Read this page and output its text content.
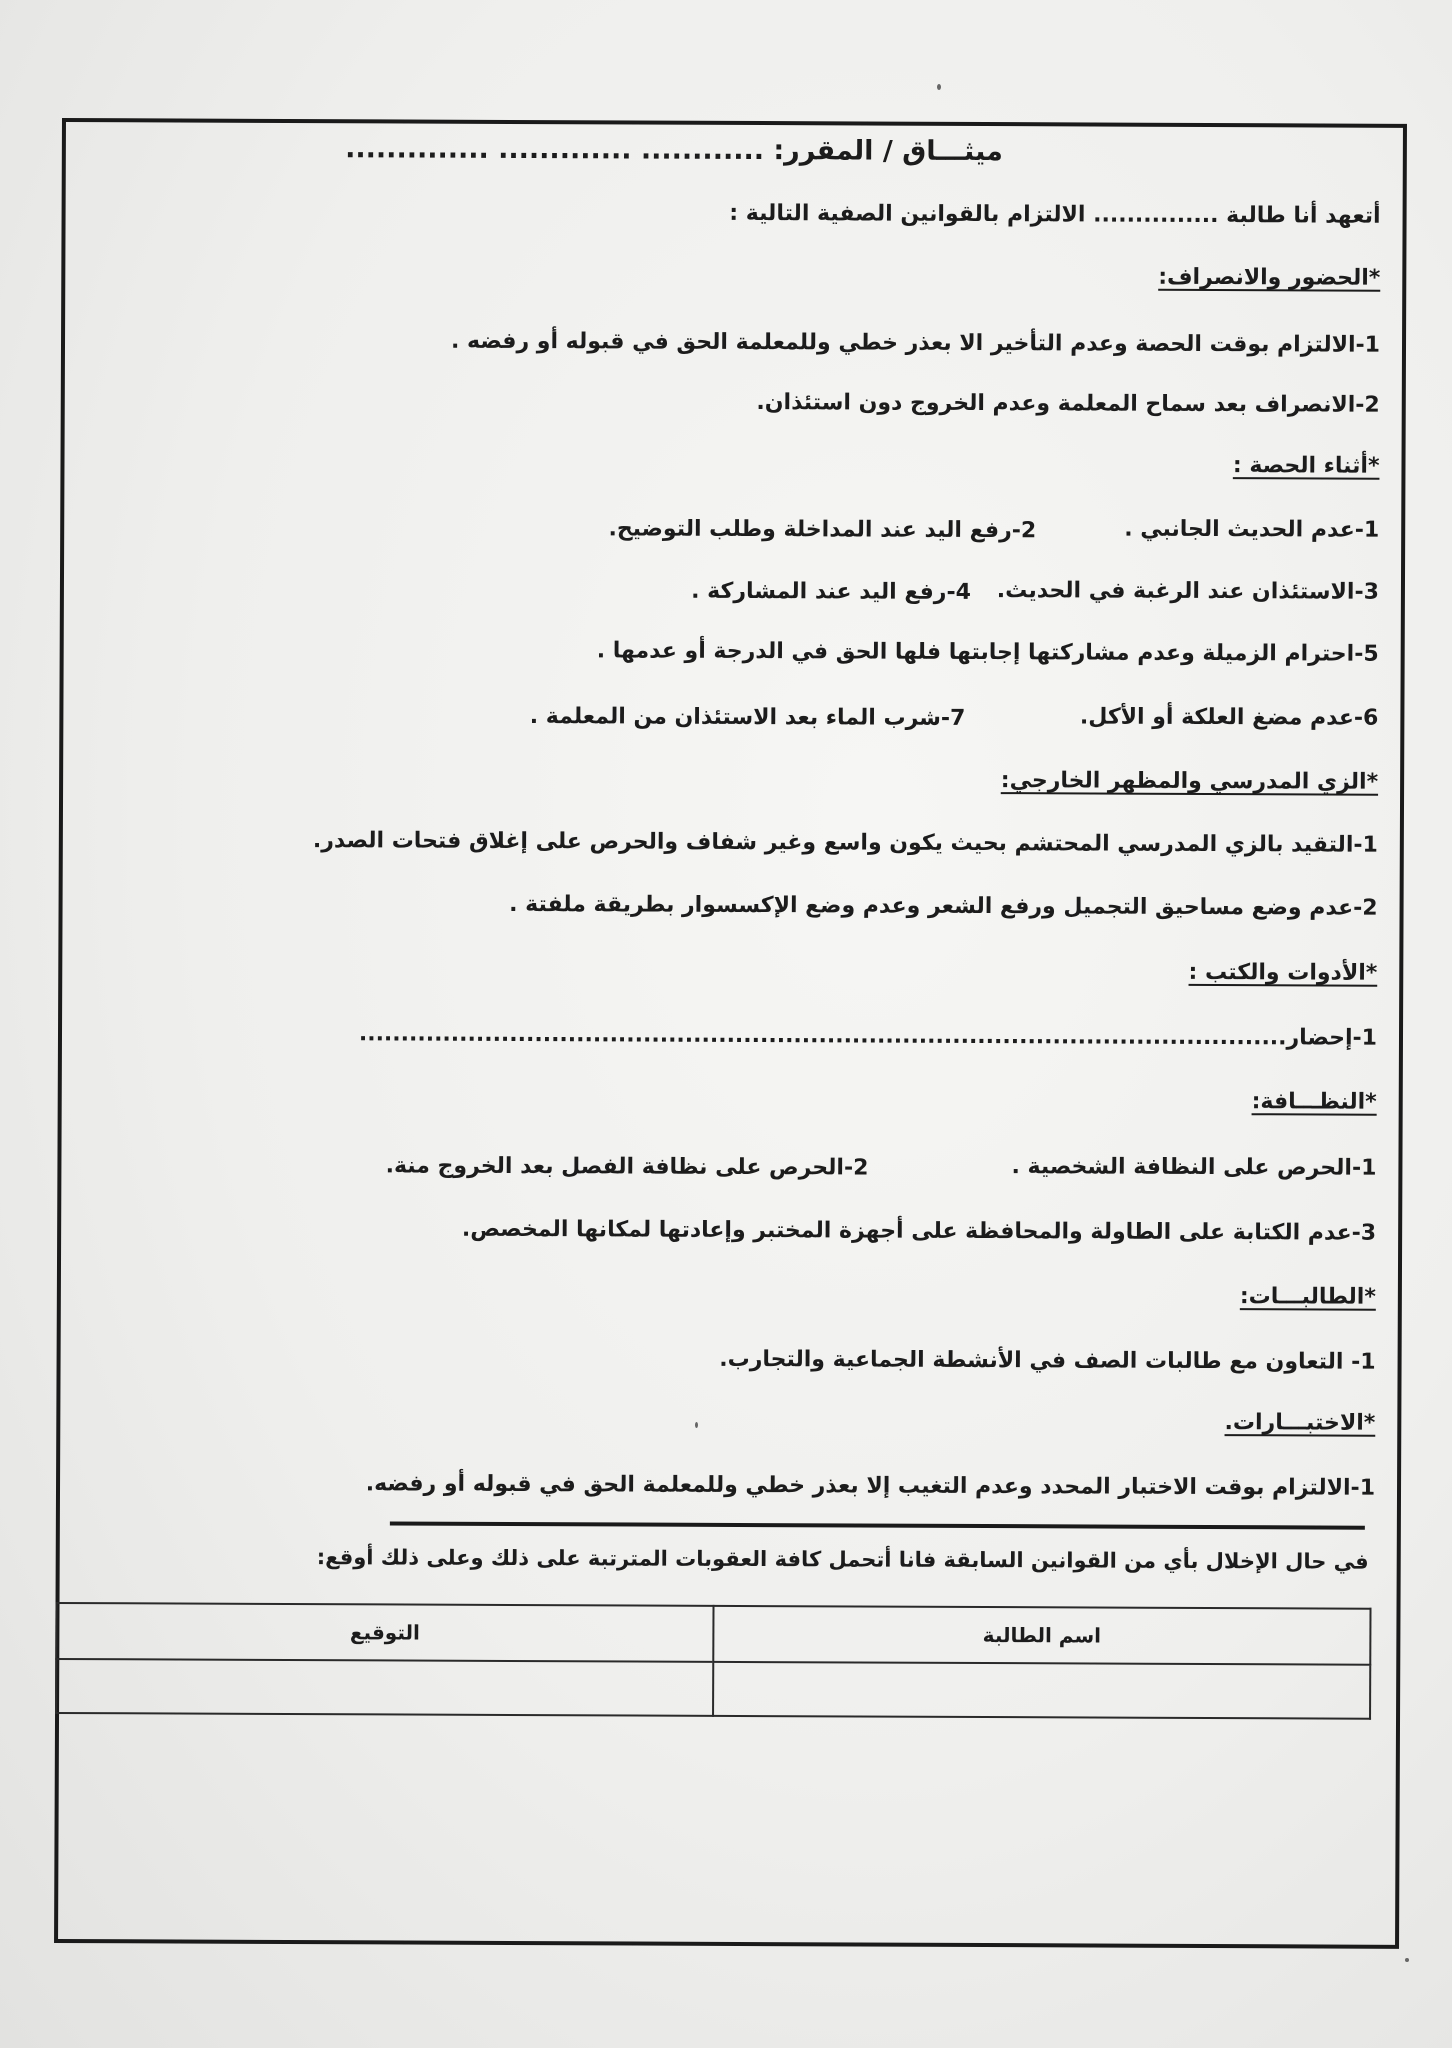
ميثـــاق / المقرر: ............ ............. ..............
أتعهد أنا طالبة ............... الالتزام بالقوانين الصفية التالية :
*الحضور والانصراف:
1-الالتزام بوقت الحصة وعدم التأخير الا بعذر خطي وللمعلمة الحق في قبوله أو رفضه .
2-الانصراف بعد سماح المعلمة وعدم الخروج دون استئذان.
*أثناء الحصة :
1-عدم الحديث الجانبي .
2-رفع اليد عند المداخلة وطلب التوضيح.
3-الاستئذان عند الرغبة في الحديث.
4-رفع اليد عند المشاركة .
5-احترام الزميلة وعدم مشاركتها إجابتها فلها الحق في الدرجة أو عدمها .
6-عدم مضغ العلكة أو الأكل.
7-شرب الماء بعد الاستئذان من المعلمة .
*الزي المدرسي والمظهر الخارجي:
1-التقيد بالزي المدرسي المحتشم بحيث يكون واسع وغير شفاف والحرص على إغلاق فتحات الصدر.
2-عدم وضع مساحيق التجميل ورفع الشعر وعدم وضع الإكسسوار بطريقة ملفتة .
*الأدوات والكتب :
1-إحضار...............................................................................................................
*النظـــافة:
1-الحرص على النظافة الشخصية .
2-الحرص على نظافة الفصل بعد الخروج منة.
3-عدم الكتابة على الطاولة والمحافظة على أجهزة المختبر وإعادتها لمكانها المخصص.
*الطالبـــات:
1- التعاون مع طالبات الصف في الأنشطة الجماعية والتجارب.
*الاختبـــارات.
1-الالتزام بوقت الاختبار المحدد وعدم التغيب إلا بعذر خطي وللمعلمة الحق في قبوله أو رفضه.
في حال الإخلال بأي من القوانين السابقة فانا أتحمل كافة العقوبات المترتبة على ذلك وعلى ذلك أوقع:
اسم الطالبة	التوقيع
